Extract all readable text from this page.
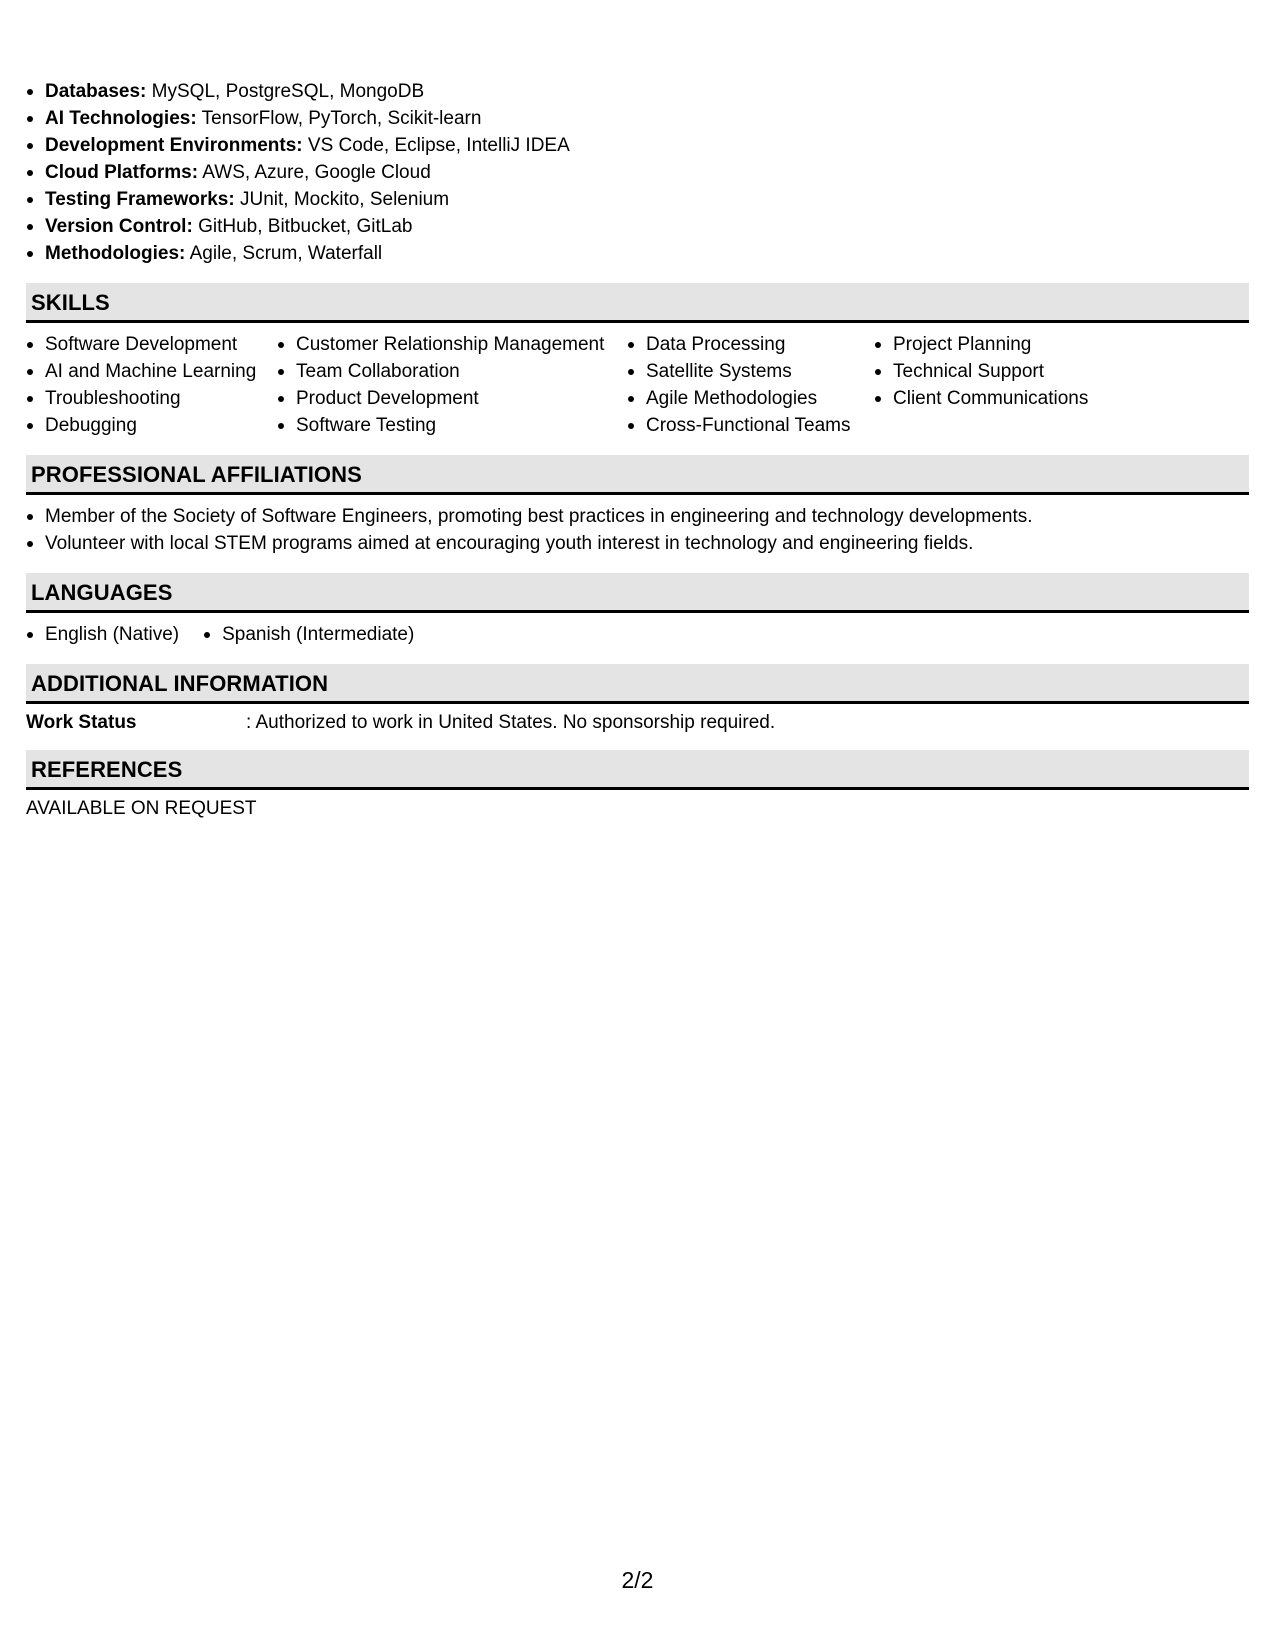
Databases: MySQL, PostgreSQL, MongoDB
AI Technologies: TensorFlow, PyTorch, Scikit-learn
Development Environments: VS Code, Eclipse, IntelliJ IDEA
Cloud Platforms: AWS, Azure, Google Cloud
Testing Frameworks: JUnit, Mockito, Selenium
Version Control: GitHub, Bitbucket, GitLab
Methodologies: Agile, Scrum, Waterfall
SKILLS
Software Development
AI and Machine Learning
Troubleshooting
Debugging
Customer Relationship Management
Team Collaboration
Product Development
Software Testing
Data Processing
Satellite Systems
Agile Methodologies
Cross-Functional Teams
Project Planning
Technical Support
Client Communications
PROFESSIONAL AFFILIATIONS
Member of the Society of Software Engineers, promoting best practices in engineering and technology developments.
Volunteer with local STEM programs aimed at encouraging youth interest in technology and engineering fields.
LANGUAGES
English (Native)	Spanish (Intermediate)
ADDITIONAL INFORMATION
Work Status	: Authorized to work in United States. No sponsorship required.
REFERENCES
AVAILABLE ON REQUEST
2/2
